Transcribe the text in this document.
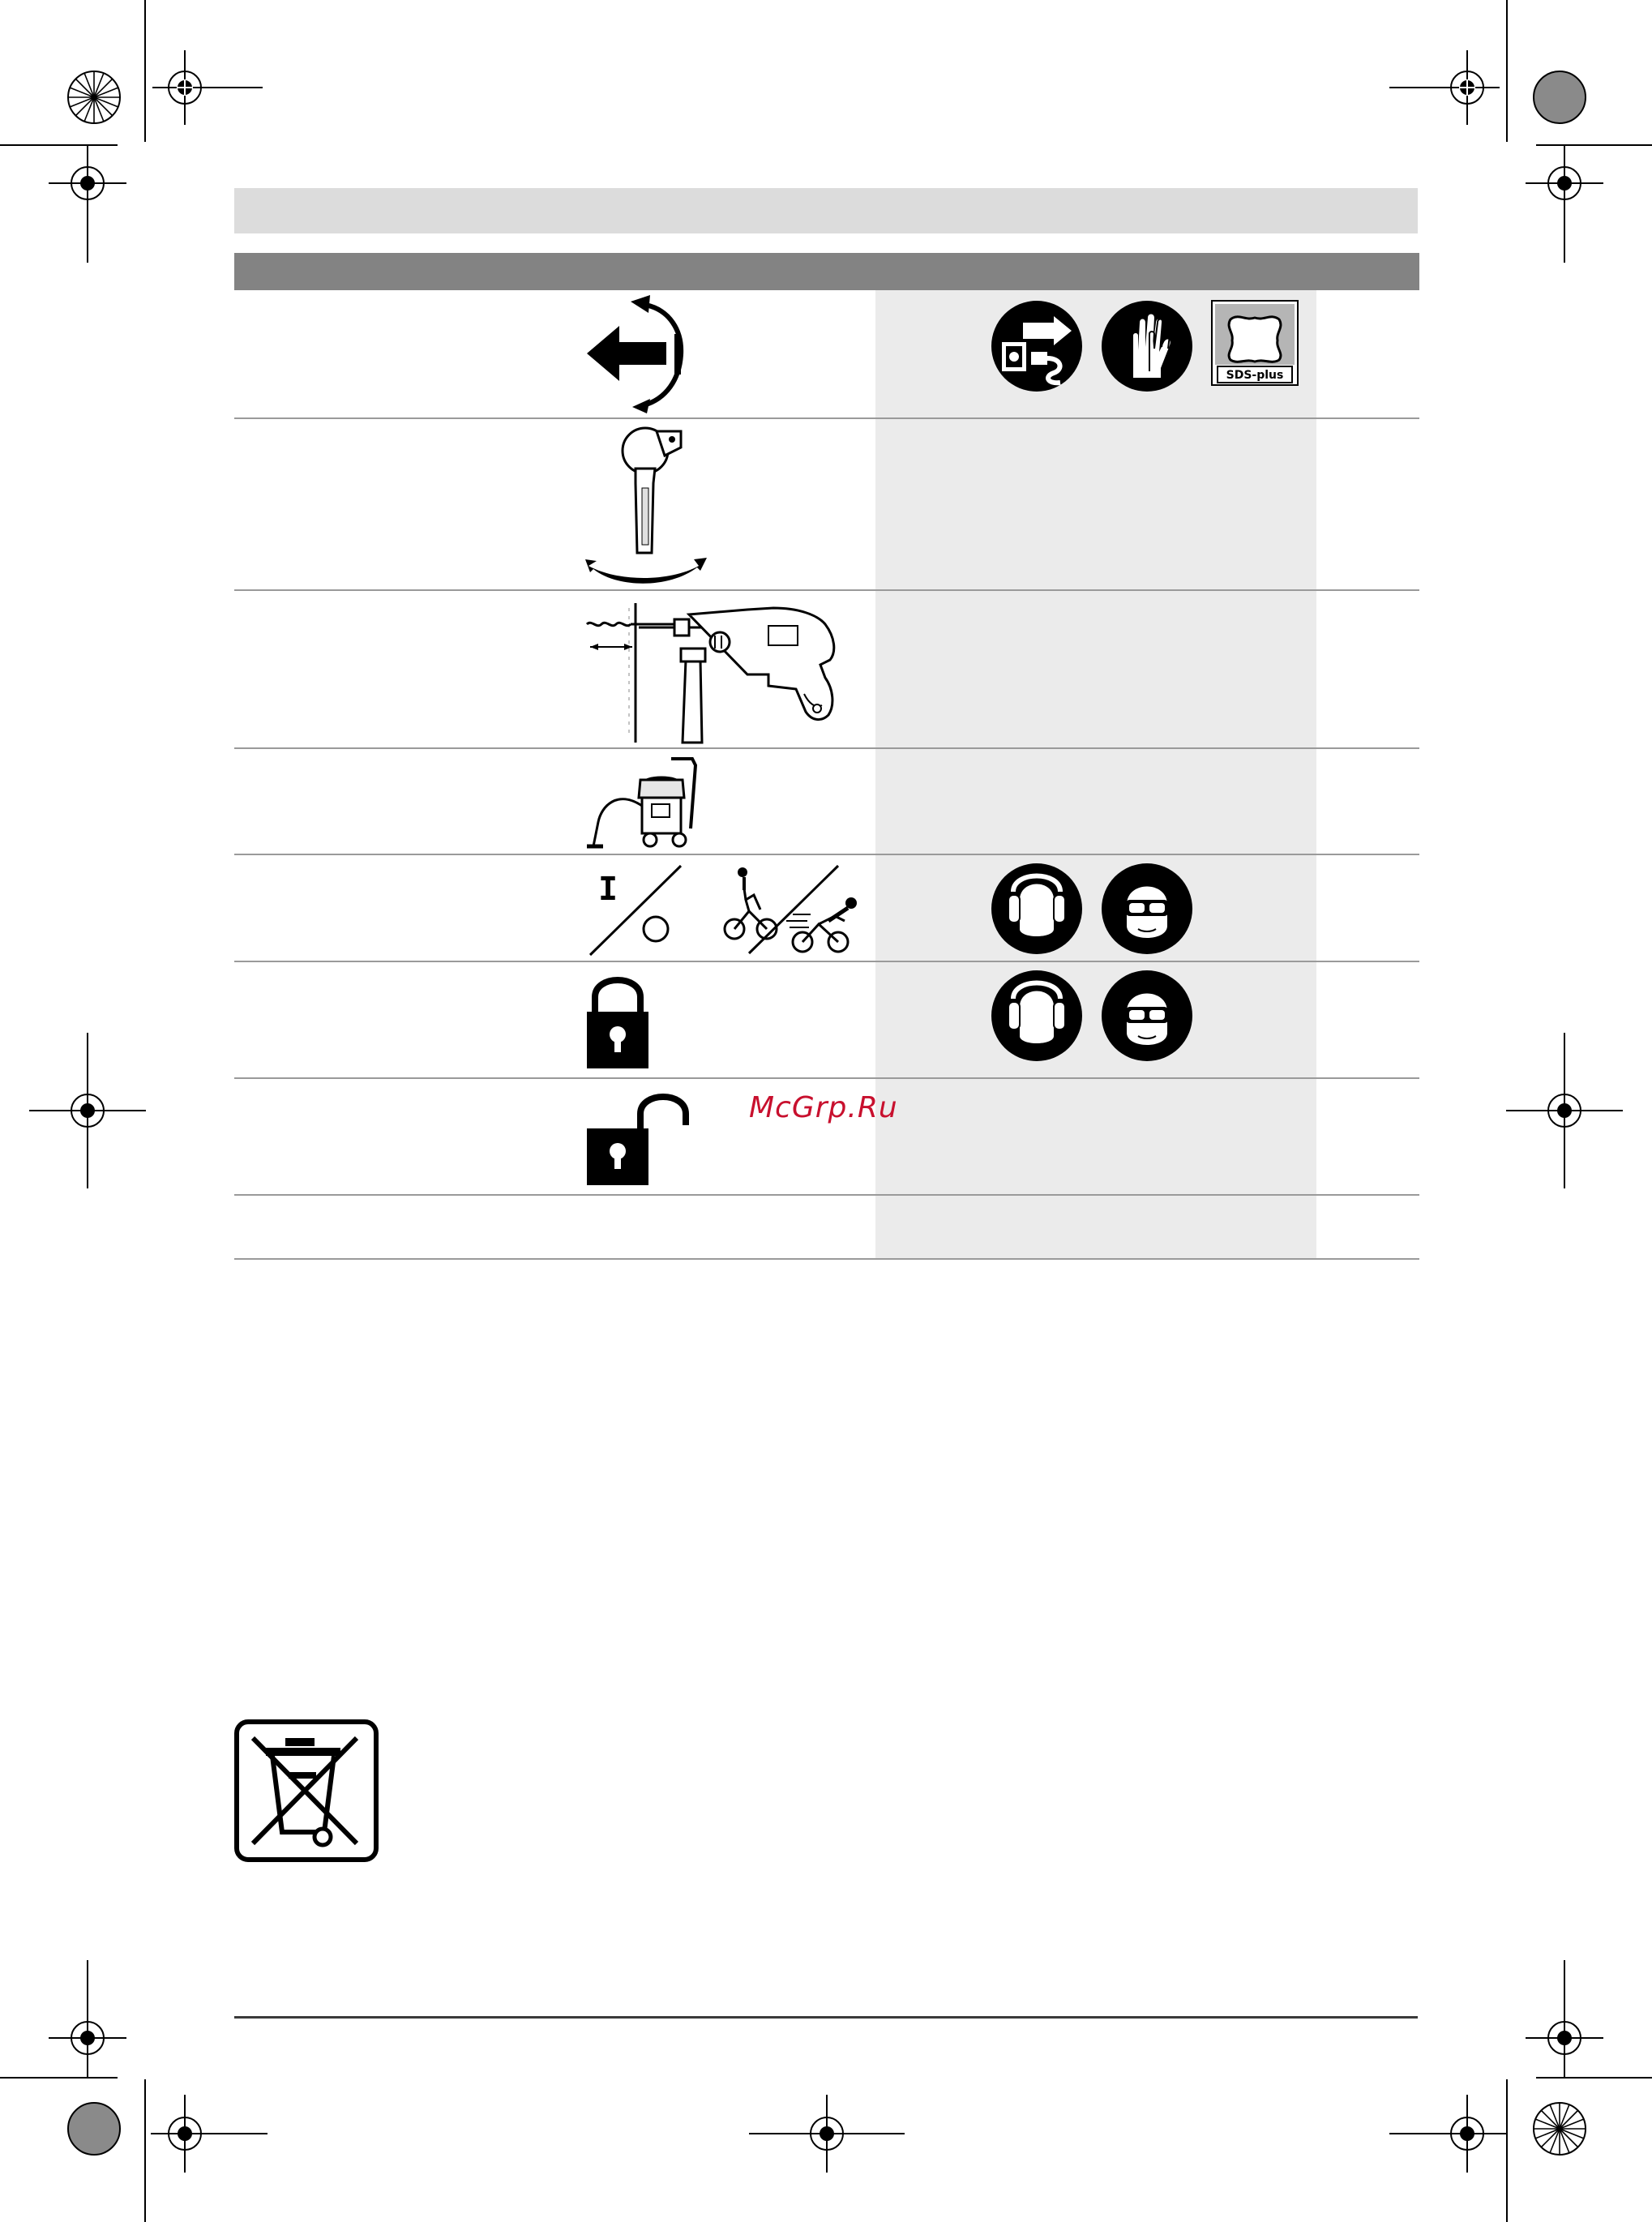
SDS-plus
I
McGrp.Ru
